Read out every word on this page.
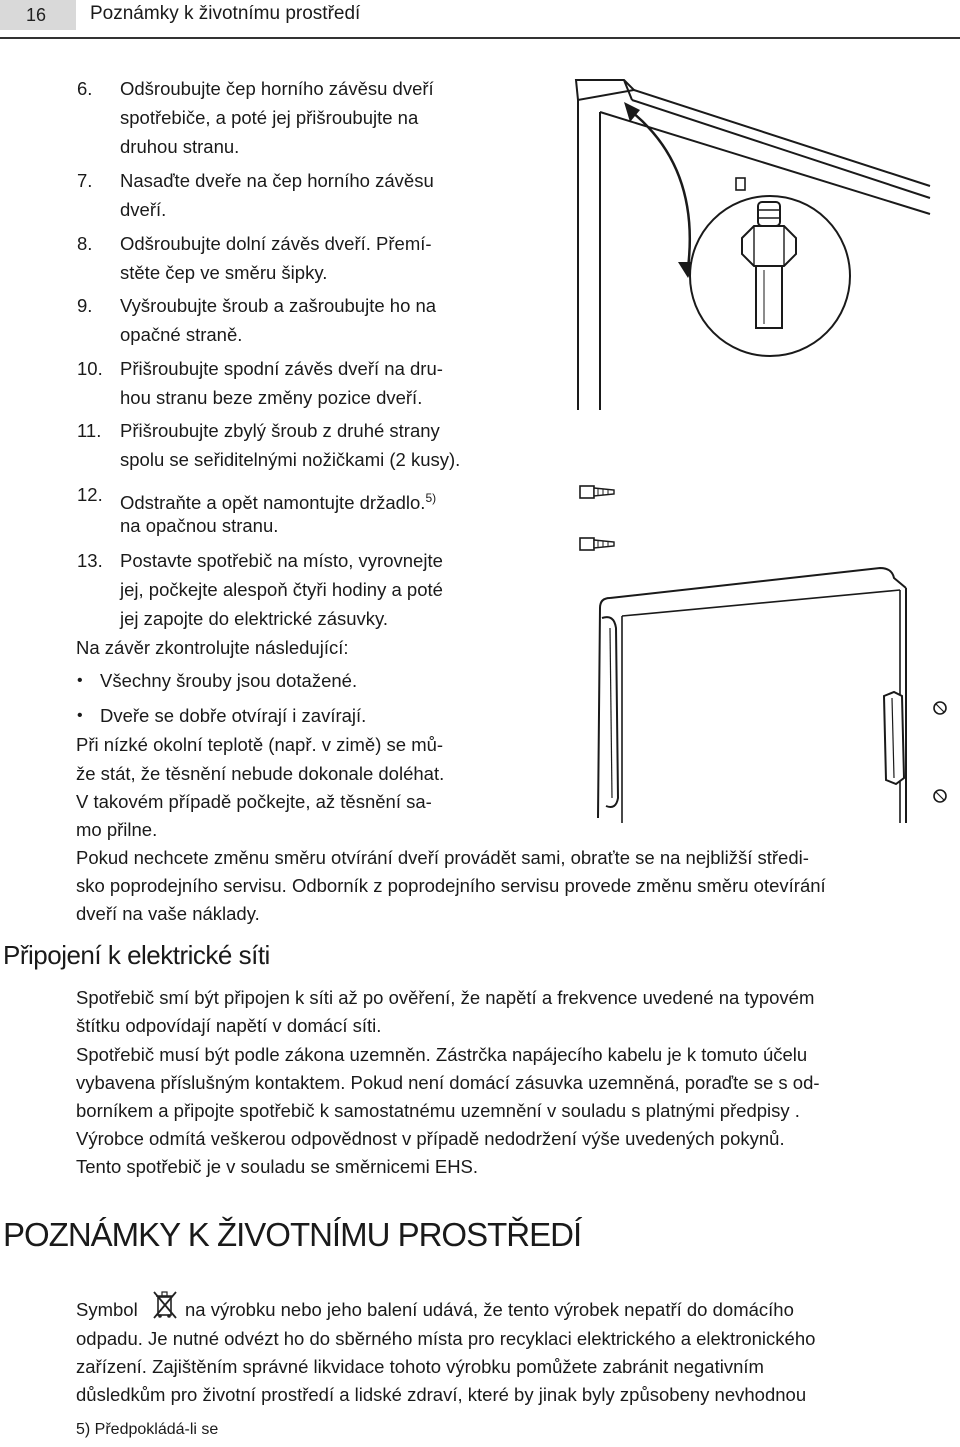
16	Poznámky k životnímu prostředí
6. Odšroubujte čep horního závěsu dveří
spotřebiče, a poté jej přišroubujte na
druhou stranu.
7. Nasaďte dveře na čep horního závěsu
dveří.
8. Odšroubujte dolní závěs dveří. Přemí-
stěte čep ve směru šipky.
9. Vyšroubujte šroub a zašroubujte ho na
opačné straně.
10. Přišroubujte spodní závěs dveří na dru-
hou stranu beze změny pozice dveří.
11. Přišroubujte zbylý šroub z druhé strany
spolu se seřiditelnými nožičkami (2 kusy).
12. Odstraňte a opět namontujte držadlo.$^{5)}$
na opačnou stranu.
13. Postavte spotřebič na místo, vyrovnejte
jej, počkejte alespoň čtyři hodiny a poté
jej zapojte do elektrické zásuvky.
Na závěr zkontrolujte následující:
• Všechny šrouby jsou dotažené.
• Dveře se dobře otvírají i zavírají.
Při nízké okolní teplotě (např. v zimě) se mů-
že stát, že těsnění nebude dokonale doléhat.
V takovém případě počkejte, až těsnění sa-
mo přilne.
Pokud nechcete změnu směru otvírání dveří provádět sami, obraťte se na nejbližší středi-
sko poprodejního servisu. Odborník z poprodejního servisu provede změnu směru otevírání
dveří na vaše náklady.
Připojení k elektrické síti
Spotřebič smí být připojen k síti až po ověření, že napětí a frekvence uvedené na typovém
štítku odpovídají napětí v domácí síti.
Spotřebič musí být podle zákona uzemněn. Zástrčka napájecího kabelu je k tomuto účelu
vybavena příslušným kontaktem. Pokud není domácí zásuvka uzemněná, poraďte se s od-
borníkem a připojte spotřebič k samostatnému uzemnění v souladu s platnými předpisy .
Výrobce odmítá veškerou odpovědnost v případě nedodržení výše uvedených pokynů.
Tento spotřebič je v souladu se směrnicemi EHS.
POZNÁMKY K ŽIVOTNÍMU PROSTŘEDÍ
Symbol	na výrobku nebo jeho balení udává, že tento výrobek nepatří do domácího
odpadu. Je nutné odvézt ho do sběrného místa pro recyklaci elektrického a elektronického
zařízení. Zajištěním správné likvidace tohoto výrobku pomůžete zabránit negativním
důsledkům pro životní prostředí a lidské zdraví, které by jinak byly způsobeny nevhodnou
5) Předpokládá-li se
